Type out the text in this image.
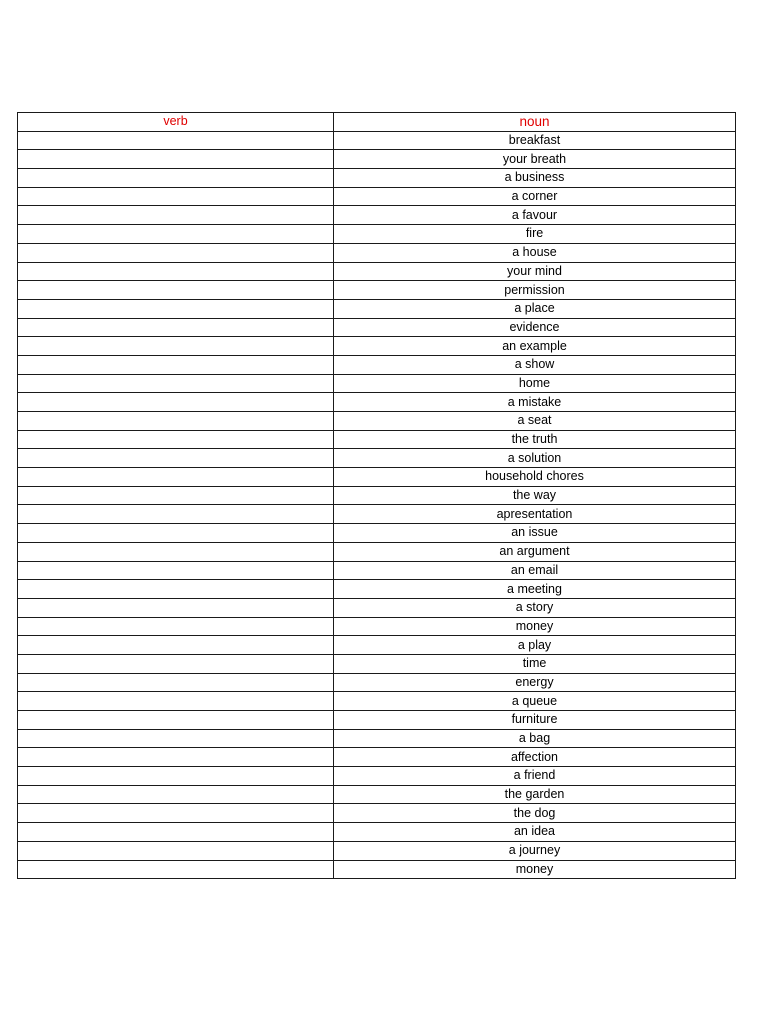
verb	noun
	breakfast
	your breath
	a business
	a corner
	a favour
	fire
	a house
	your mind
	permission
	a place
	evidence
	an example
	a show
	home
	a mistake
	a seat
	the truth
	a solution
	household chores
	the way
	apresentation
	an issue
	an argument
	an email
	a meeting
	a story
	money
	a play
	time
	energy
	a queue
	furniture
	a bag
	affection
	a friend
	the garden
	the dog
	an idea
	a journey
	money
